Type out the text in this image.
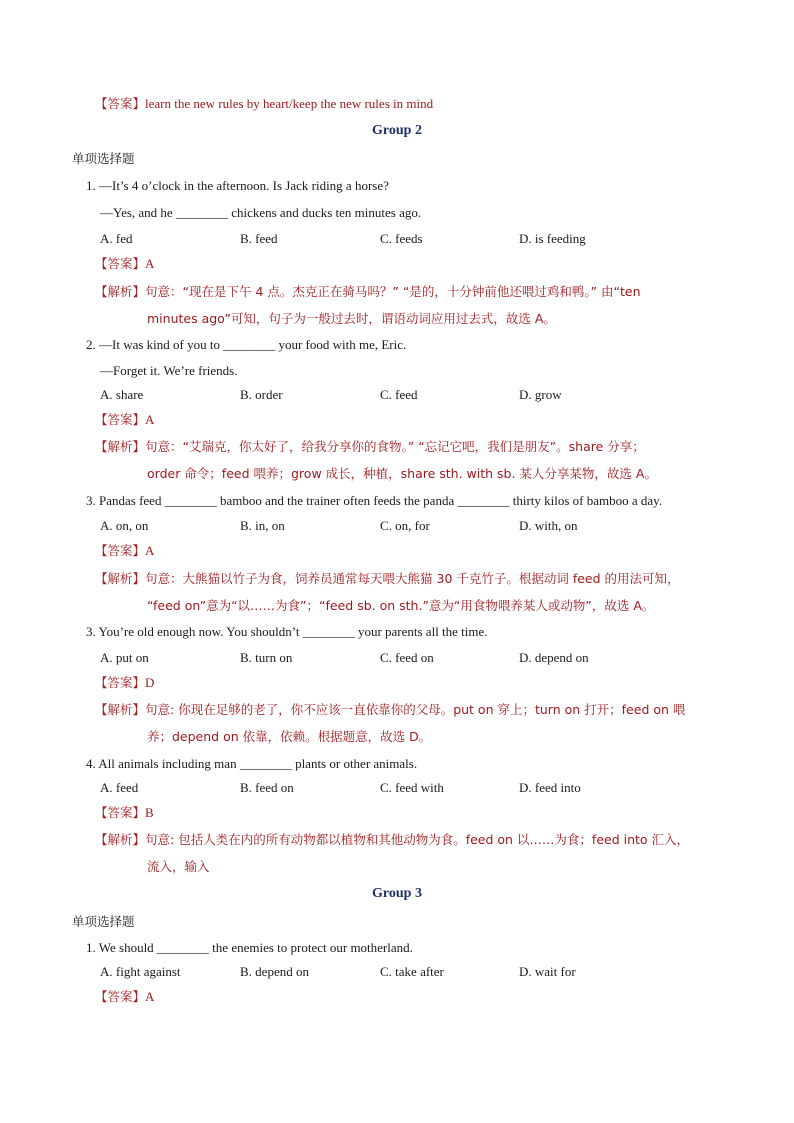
【答案】learn the new rules by heart/keep the new rules in mind
Group 2
单项选择题
1. —It’s 4 o’clock in the afternoon. Is Jack riding a horse?
—Yes, and he ________ chickens and ducks ten minutes ago.
A. fed	B. feed	C. feeds	D. is feeding
【答案】A
【解析】句意：“现在是下午 4 点。杰克正在骑马吗？” “是的，十分钟前他还喂过鸡和鸭。” 由“ten
minutes ago”可知，句子为一般过去时，谓语动词应用过去式，故选 A。
2. —It was kind of you to ________ your food with me, Eric.
—Forget it. We’re friends.
A. share	B. order	C. feed	D. grow
【答案】A
【解析】句意：“艾瑞克，你太好了，给我分享你的食物。” “忘记它吧，我们是朋友”。share 分享；
order 命令；feed 喂养；grow 成长，种植，share sth. with sb. 某人分享某物，故选 A。
3. Pandas feed ________ bamboo and the trainer often feeds the panda ________ thirty kilos of bamboo a day.
A. on, on	B. in, on	C. on, for	D. with, on
【答案】A
【解析】句意：大熊猫以竹子为食，饲养员通常每天喂大熊猫 30 千克竹子。根据动词 feed 的用法可知，
“feed on”意为“以……为食”；“feed sb. on sth.”意为“用食物喂养某人或动物”，故选 A。
3. You’re old enough now. You shouldn’t ________ your parents all the time.
A. put on	B. turn on	C. feed on	D. depend on
【答案】D
【解析】句意: 你现在足够的老了，你不应该一直依靠你的父母。put on 穿上；turn on 打开；feed on 喂
养；depend on 依靠，依赖。根据题意，故选 D。
4. All animals including man ________ plants or other animals.
A. feed	B. feed on	C. feed with	D. feed into
【答案】B
【解析】句意: 包括人类在内的所有动物都以植物和其他动物为食。feed on 以……为食；feed into 汇入，
流入，输入
Group 3
单项选择题
1. We should ________ the enemies to protect our motherland.
A. fight against	B. depend on	C. take after	D. wait for
【答案】A
